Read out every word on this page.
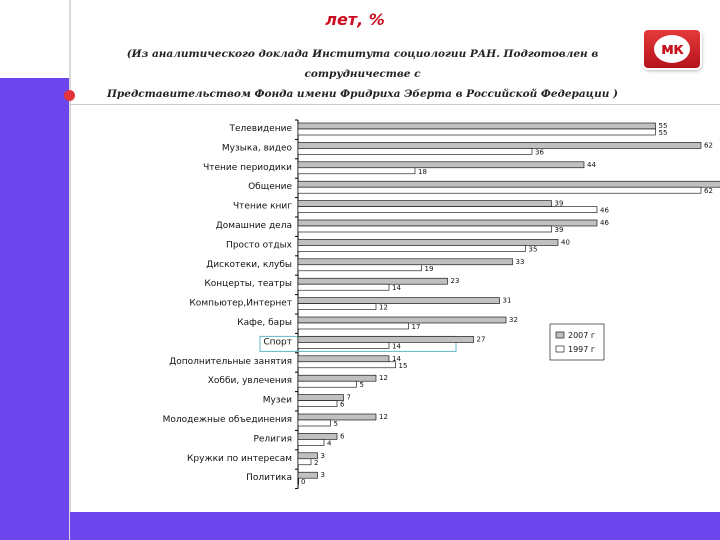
лет, %
(Из аналитического доклада Института социологии РАН. Подготовлен в сотрудничестве с
Представительством Фонда имени Фридриха Эберта в Российской Федерации )
мк
Телевидение	55
55
Музыка, видео	62
36
Чтение периодики	44
18
Общение	62
Чтение книг	39
46
Домашние дела	46
39
Просто отдых	40
35
Дискотеки, клубы	33
19
Концерты, театры	23
14
Компьютер,Интернет	31
12
Кафе, бары	32
17
Спорт	27
14
Дополнительные занятия	14
15
Хобби, увлечения	12
5
Музеи	7
6
Молодежные объединения	12
5
Религия	6
4
Кружки по интересам	3
2
Политика	3
0
2007 г
1997 г
